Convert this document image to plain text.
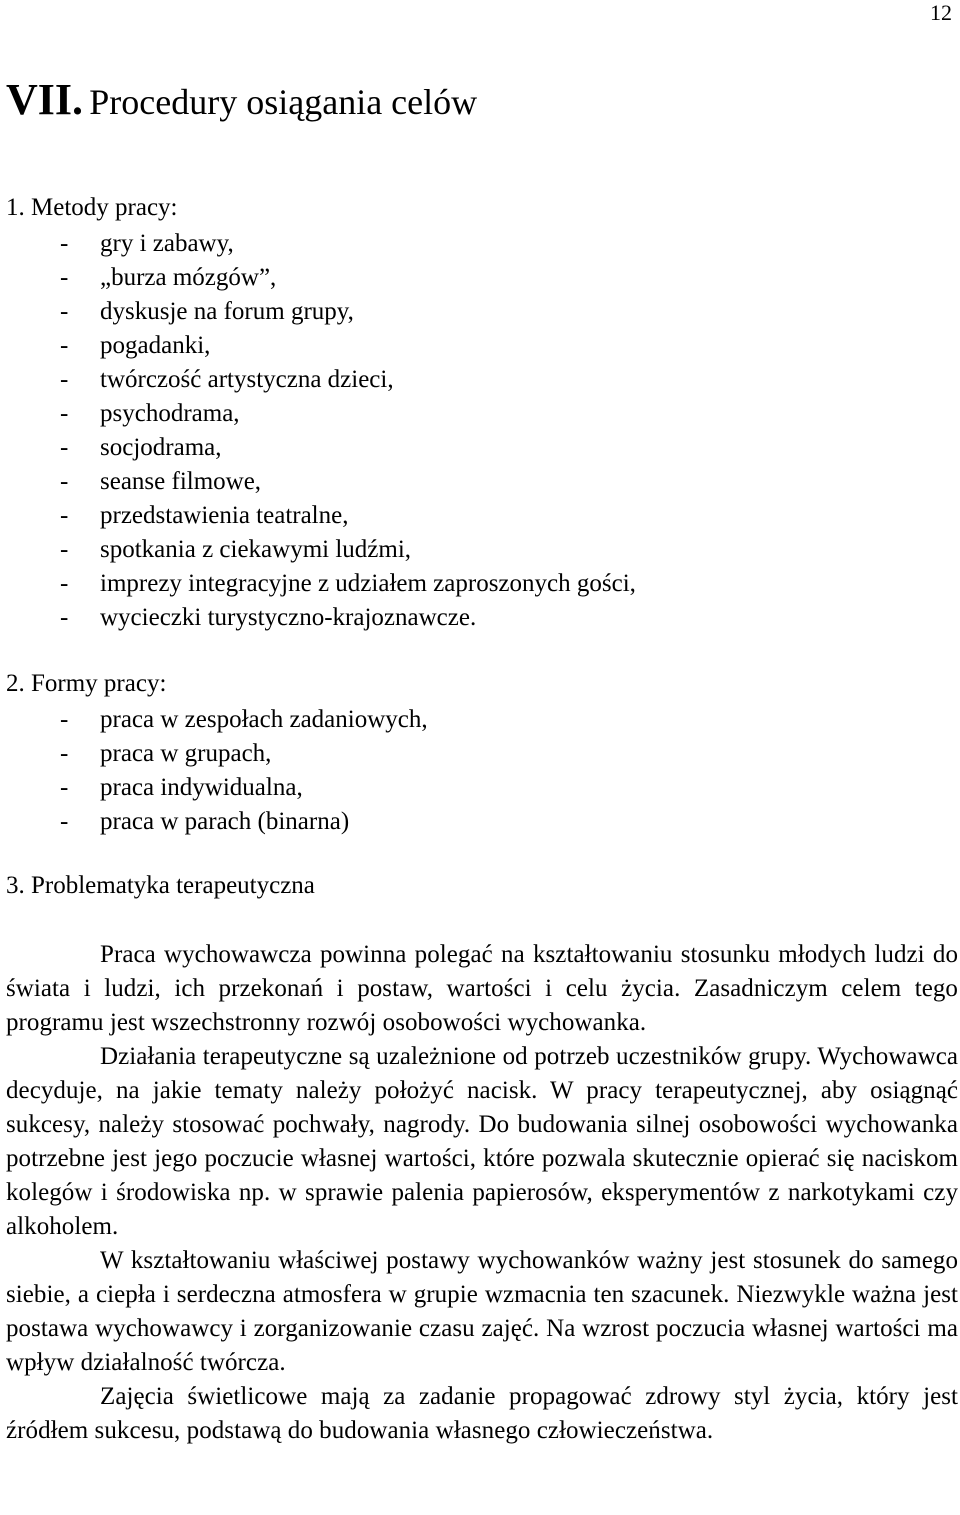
12
VII. Procedury osiągania celów
1. Metody pracy:
- gry i zabawy,
- „burza mózgów”,
- dyskusje na forum grupy,
- pogadanki,
- twórczość artystyczna dzieci,
- psychodrama,
- socjodrama,
- seanse filmowe,
- przedstawienia teatralne,
- spotkania z ciekawymi ludźmi,
- imprezy integracyjne z udziałem zaproszonych gości,
- wycieczki turystyczno-krajoznawcze.
2. Formy pracy:
- praca w zespołach zadaniowych,
- praca w grupach,
- praca indywidualna,
- praca w parach (binarna)
3. Problematyka terapeutyczna

Praca wychowawcza powinna polegać na kształtowaniu stosunku młodych ludzi do świata i ludzi, ich przekonań i postaw, wartości i celu życia. Zasadniczym celem tego programu jest wszechstronny rozwój osobowości wychowanka.

Działania terapeutyczne są uzależnione od potrzeb uczestników grupy. Wychowawca decyduje, na jakie tematy należy położyć nacisk. W pracy terapeutycznej, aby osiągnąć sukcesy, należy stosować pochwały, nagrody. Do budowania silnej osobowości wychowanka potrzebne jest jego poczucie własnej wartości, które pozwala skutecznie opierać się naciskom kolegów i środowiska np. w sprawie palenia papierosów, eksperymentów z narkotykami czy alkoholem.

W kształtowaniu właściwej postawy wychowanków ważny jest stosunek do samego siebie, a ciepła i serdeczna atmosfera w grupie wzmacnia ten szacunek. Niezwykle ważna jest postawa wychowawcy i zorganizowanie czasu zajęć. Na wzrost poczucia własnej wartości ma wpływ działalność twórcza.

Zajęcia świetlicowe mają za zadanie propagować zdrowy styl życia, który jest źródłem sukcesu, podstawą do budowania własnego człowieczeństwa.
